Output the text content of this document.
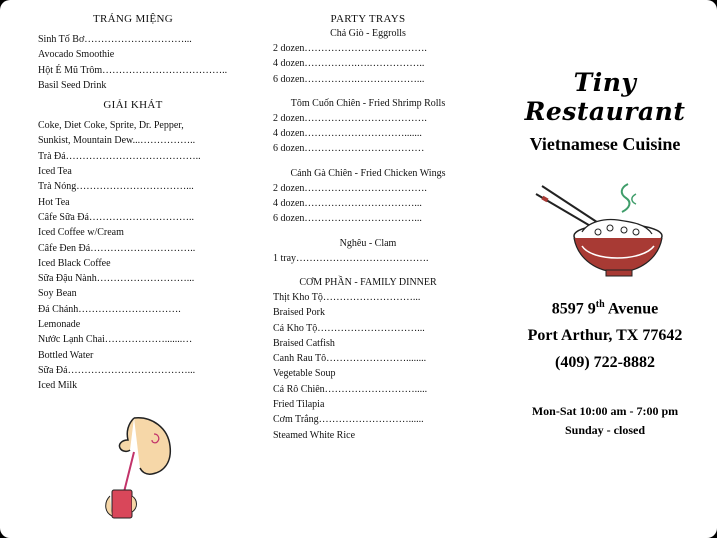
TRÁNG MIỆNG
Sinh Tố Bơ…………………………...
Avocado Smoothie
Hột É Mũ Trôm………………………………..
Basil Seed Drink
GIẢI KHÁT
Coke, Diet Coke, Sprite, Dr. Pepper,
Sunkist, Mountain Dew...……………..
Trà Đá…………………………………..
Iced Tea
Trà Nóng……………………………...
Hot Tea
Câfe Sữa Đá…………………………..
Iced Coffee w/Cream
Câfe Đen Đá…………………………..
Iced Black Coffee
Sữa Đậu Nành………………………...
Soy Bean
Đá Chánh………………………….
Lemonade
Nước Lạnh Chai……………….......…
Bottled Water
Sữa Đá………………………………...
Iced Milk
PARTY TRAYS
Chả Giò - Eggrolls
2 dozen……………………………….
4 dozen…………….….……………..
6 dozen…………….………………...
Tôm Cuốn Chiên - Fried Shrimp Rolls
2 dozen……………………………….
4 dozen………………………….......
6 dozen………………………………
Cánh Gà Chiên - Fried Chicken Wings
2 dozen……………………………….
4 dozen……………………………...
6 dozen……………………………...
Nghêu - Clam
1 tray………………………………….
CƠM PHẦN - FAMILY DINNER
Thịt Kho Tộ………………………...
Braised Pork
Cá Kho Tộ…………………………...
Braised Catfish
Canh Rau Tô……………………........
Vegetable Soup
Cá Rô Chiên……………………….....
Fried Tilapia
Cơm Trắng………………………......
Steamed White Rice
Tiny Restaurant
Vietnamese Cuisine
8597 9th Avenue
Port Arthur, TX 77642
(409) 722-8882
Mon-Sat 10:00 am - 7:00 pm
Sunday - closed
